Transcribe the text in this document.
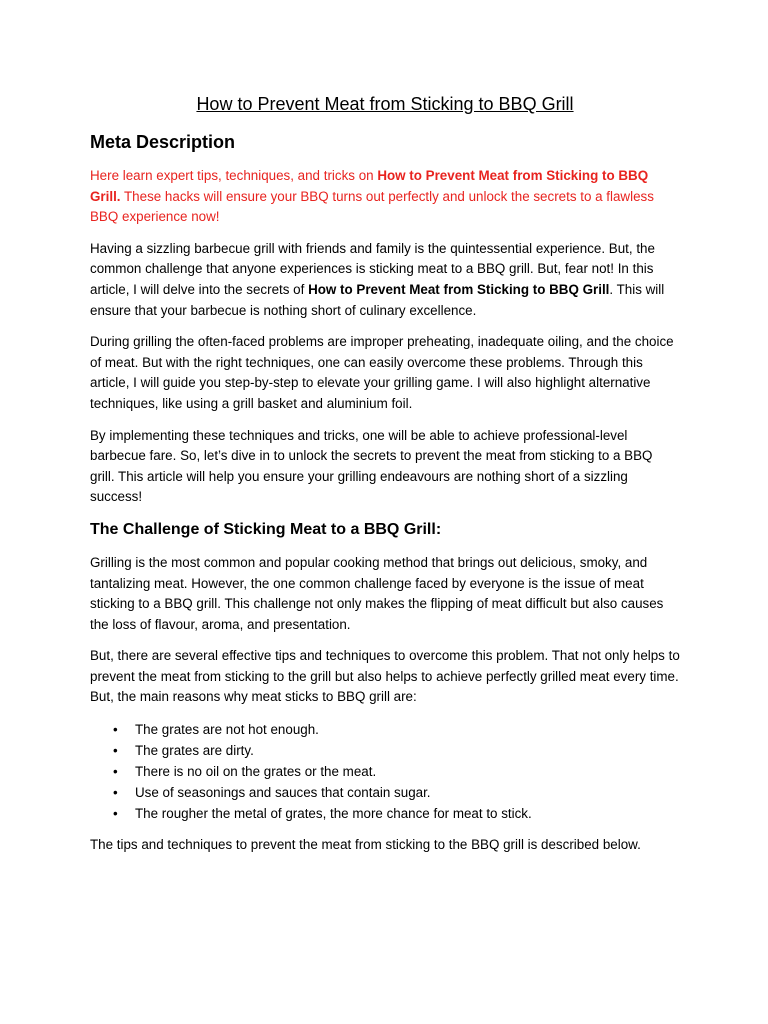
How to Prevent Meat from Sticking to BBQ Grill
Meta Description

Here learn expert tips, techniques, and tricks on How to Prevent Meat from Sticking to BBQ Grill. These hacks will ensure your BBQ turns out perfectly and unlock the secrets to a flawless BBQ experience now!

Having a sizzling barbecue grill with friends and family is the quintessential experience. But, the common challenge that anyone experiences is sticking meat to a BBQ grill. But, fear not! In this article, I will delve into the secrets of How to Prevent Meat from Sticking to BBQ Grill. This will ensure that your barbecue is nothing short of culinary excellence.

During grilling the often-faced problems are improper preheating, inadequate oiling, and the choice of meat. But with the right techniques, one can easily overcome these problems. Through this article, I will guide you step-by-step to elevate your grilling game. I will also highlight alternative techniques, like using a grill basket and aluminium foil.

By implementing these techniques and tricks, one will be able to achieve professional-level barbecue fare. So, let’s dive in to unlock the secrets to prevent the meat from sticking to a BBQ grill. This article will help you ensure your grilling endeavours are nothing short of a sizzling success!

The Challenge of Sticking Meat to a BBQ Grill:

Grilling is the most common and popular cooking method that brings out delicious, smoky, and tantalizing meat. However, the one common challenge faced by everyone is the issue of meat sticking to a BBQ grill. This challenge not only makes the flipping of meat difficult but also causes the loss of flavour, aroma, and presentation.

But, there are several effective tips and techniques to overcome this problem. That not only helps to prevent the meat from sticking to the grill but also helps to achieve perfectly grilled meat every time. But, the main reasons why meat sticks to BBQ grill are:

• The grates are not hot enough.
• The grates are dirty.
• There is no oil on the grates or the meat.
• Use of seasonings and sauces that contain sugar.
• The rougher the metal of grates, the more chance for meat to stick.

The tips and techniques to prevent the meat from sticking to the BBQ grill is described below.
